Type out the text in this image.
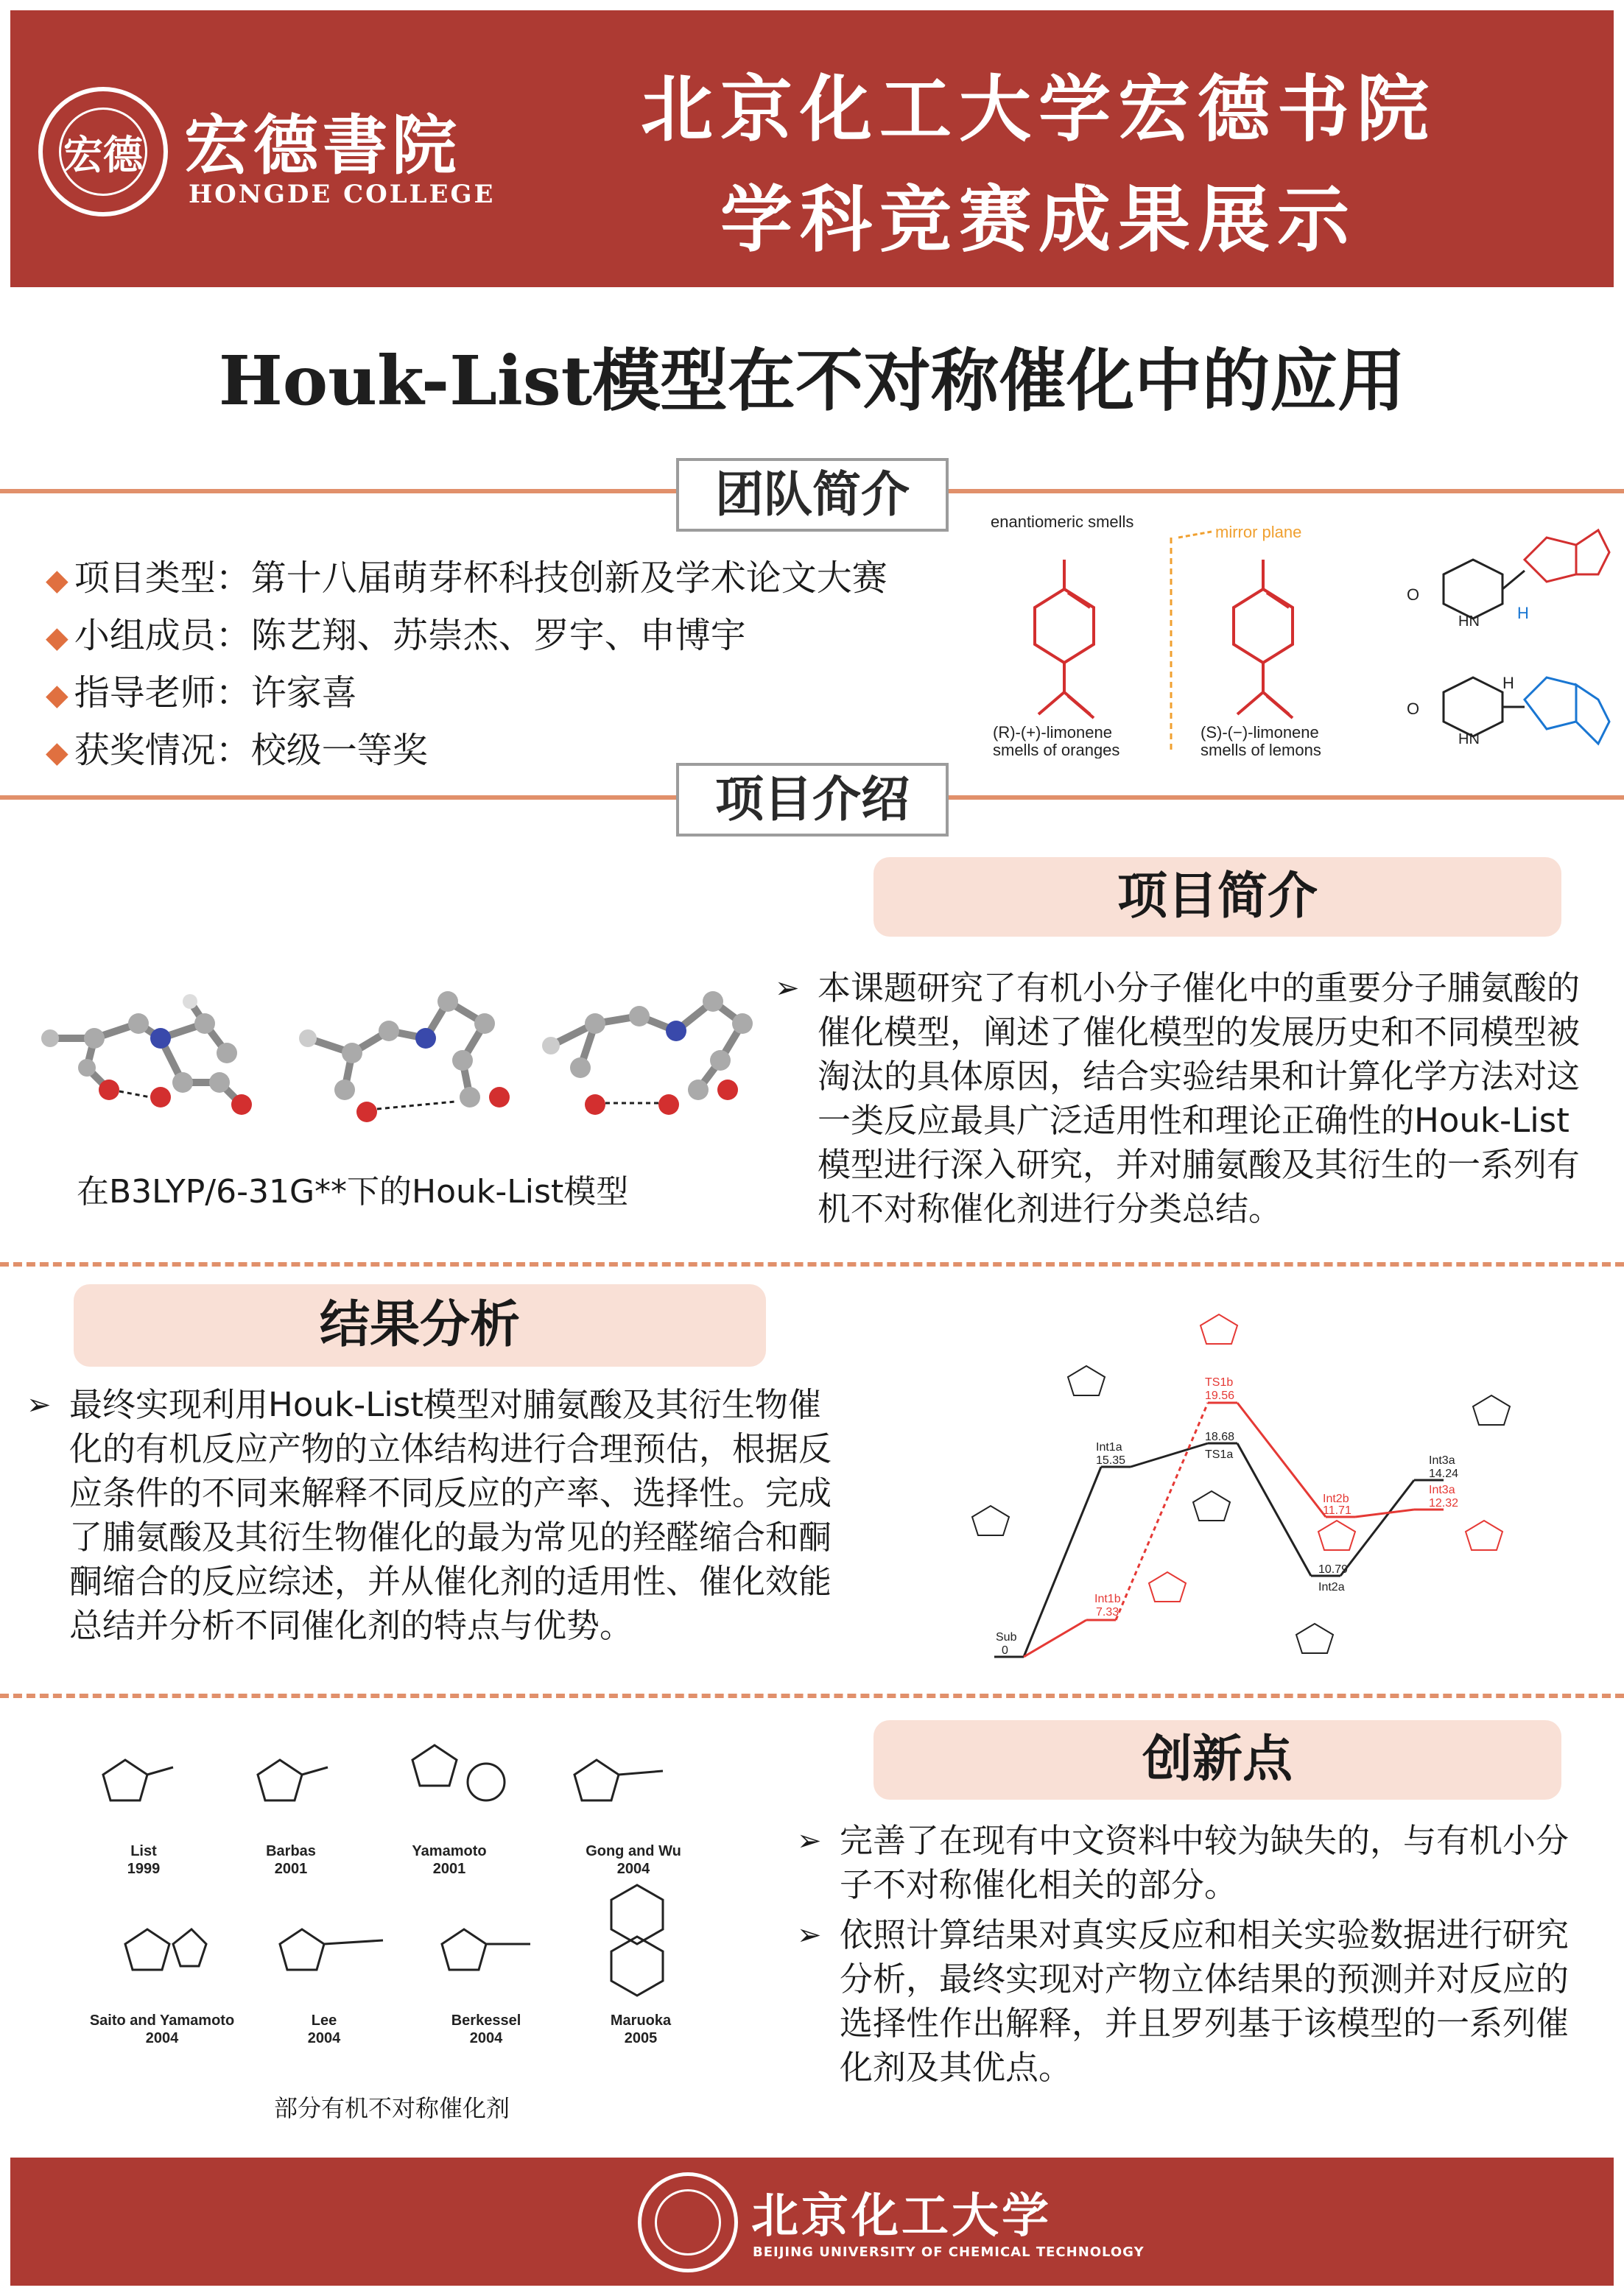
宏德 宏德書院
HONGDE COLLEGE
北京化工大学宏德书院
学科竞赛成果展示
Houk-List模型在不对称催化中的应用
团队简介
◆ 项目类型：第十八届萌芽杯科技创新及学术论文大赛
◆ 小组成员：陈艺翔、苏崇杰、罗宇、申博宇
◆ 指导老师：许家喜
◆ 获奖情况：校级一等奖
enantiomeric smells
mirror plane
(R)-(+)-limonene
smells of oranges
(S)-(−)-limonene
smells of lemons
H
O
HN
H
O
HN
项目介绍
项目简介
在B3LYP/6-31G**下的Houk-List模型
➢ 本课题研究了有机小分子催化中的重要分子脯氨酸的催化模型，阐述了催化模型的发展历史和不同模型被淘汰的具体原因，结合实验结果和计算化学方法对这一类反应最具广泛适用性和理论正确性的Houk-List模型进行深入研究，并对脯氨酸及其衍生的一系列有机不对称催化剂进行分类总结。
结果分析
➢ 最终实现利用Houk-List模型对脯氨酸及其衍生物催化的有机反应产物的立体结构进行合理预估，根据反应条件的不同来解释不同反应的产率、选择性。完成了脯氨酸及其衍生物催化的最为常见的羟醛缩合和酮酮缩合的反应综述，并从催化剂的适用性、催化效能总结并分析不同催化剂的特点与优势。	Sub
0
Int1a
15.35	TS1a
18.68
TS1b
19.56
Int1b
7.33
Int2a
10.79
Int2b
11.71
Int3a
14.24
Int3a
12.32
List
1999
Barbas
2001
Yamamoto
2001
Gong and Wu
2004
Saito and Yamamoto
2004
Lee
2004
Berkessel
2004
Maruoka
2005
部分有机不对称催化剂
创新点
➢ 完善了在现有中文资料中较为缺失的，与有机小分子不对称催化相关的部分。
➢ 依照计算结果对真实反应和相关实验数据进行研究分析，最终实现对产物立体结果的预测并对反应的选择性作出解释，并且罗列基于该模型的一系列催化剂及其优点。
北京化工大学
BEIJING UNIVERSITY OF CHEMICAL TECHNOLOGY
